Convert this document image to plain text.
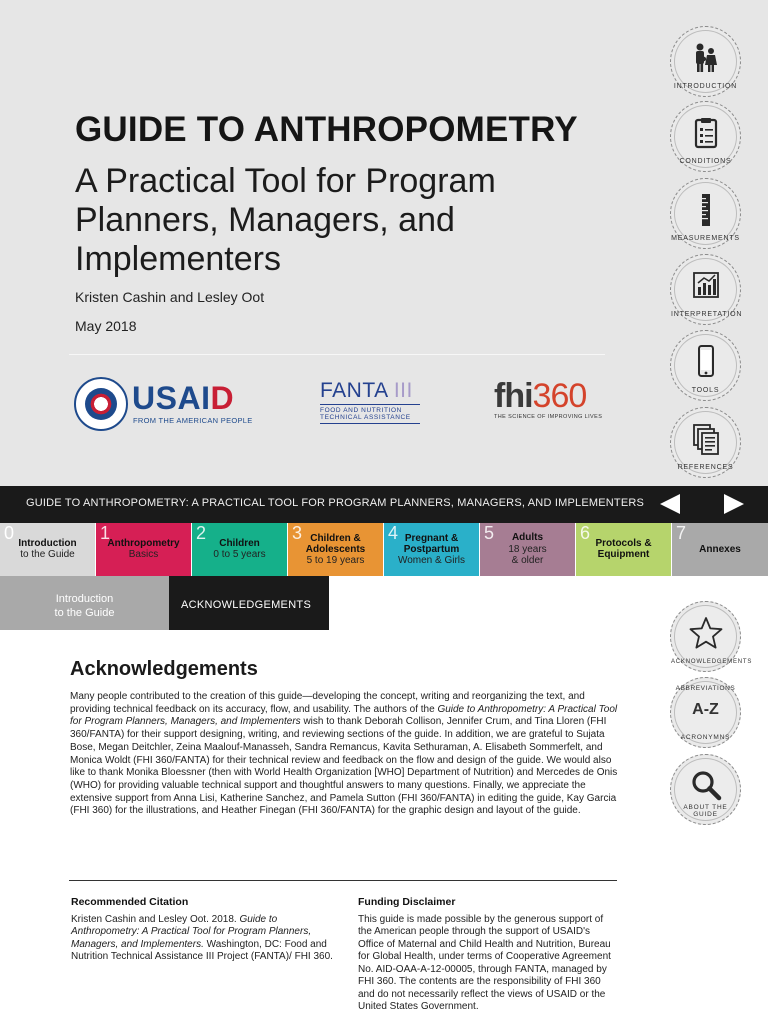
GUIDE TO ANTHROPOMETRY
A Practical Tool for Program Planners, Managers, and Implementers
Kristen Cashin and Lesley Oot
May 2018
USAID
FROM THE AMERICAN PEOPLE
FANTA III
FOOD AND NUTRITION
TECHNICAL ASSISTANCE
fhi360
THE SCIENCE OF IMPROVING LIVES
INTRODUCTION
CONDITIONS
MEASUREMENTS
INTERPRETATION
TOOLS
REFERENCES
GUIDE TO ANTHROPOMETRY: A PRACTICAL TOOL FOR PROGRAM PLANNERS, MANAGERS, AND IMPLEMENTERS
0
Introduction
to the Guide
1
Anthropometry
Basics
2
Children
0 to 5 years
3 Children &
Adolescents
5 to 19 years
4 Pregnant &
Postpartum
Women & Girls
5	Adults
18 years
& older
6
Protocols &
Equipment
7
Annexes
Introduction
to the Guide
ACKNOWLEDGEMENTS
ACKNOWLEDGEMENTS
ABBREVIATIONS
A-Z
ACRONYMNS
ABOUT THE GUIDE
Acknowledgements
Many people contributed to the creation of this guide—developing the concept, writing and reorganizing the text, and providing technical feedback on its accuracy, flow, and usability. The authors of the Guide to Anthropometry: A Practical Tool for Program Planners, Managers, and Implementers wish to thank Deborah Collison, Jennifer Crum, and Tina Lloren (FHI 360/FANTA) for their support designing, writing, and reviewing sections of the guide. In addition, we are grateful to Sujata Bose, Megan Deitchler, Zeina Maalouf-Manasseh, Sandra Remancus, Kavita Sethuraman, A. Elisabeth Sommerfelt, and Monica Woldt (FHI 360/FANTA) for their technical review and feedback on the flow and design of the guide. We would also like to thank Monika Bloessner (then with World Health Organization [WHO] Department of Nutrition) and Mercedes de Onis (WHO) for providing valuable technical support and thoughtful answers to many questions. Finally, we appreciate the extensive support from Anna Lisi, Katherine Sanchez, and Pamela Sutton (FHI 360/FANTA) in editing the guide, Kay Garcia (FHI 360) for the illustrations, and Heather Finegan (FHI 360/FANTA) for the graphic design and layout of the guide.
Recommended Citation
Kristen Cashin and Lesley Oot. 2018. Guide to Anthropometry: A Practical Tool for Program Planners, Managers, and Implementers. Washington, DC: Food and Nutrition Technical Assistance III Project (FANTA)/ FHI 360.
Funding Disclaimer
This guide is made possible by the generous support of the American people through the support of USAID's Office of Maternal and Child Health and Nutrition, Bureau for Global Health, under terms of Cooperative Agreement No. AID-OAA-A-12-00005, through FANTA, managed by FHI 360. The contents are the responsibility of FHI 360 and do not necessarily reflect the views of USAID or the United States Government.
